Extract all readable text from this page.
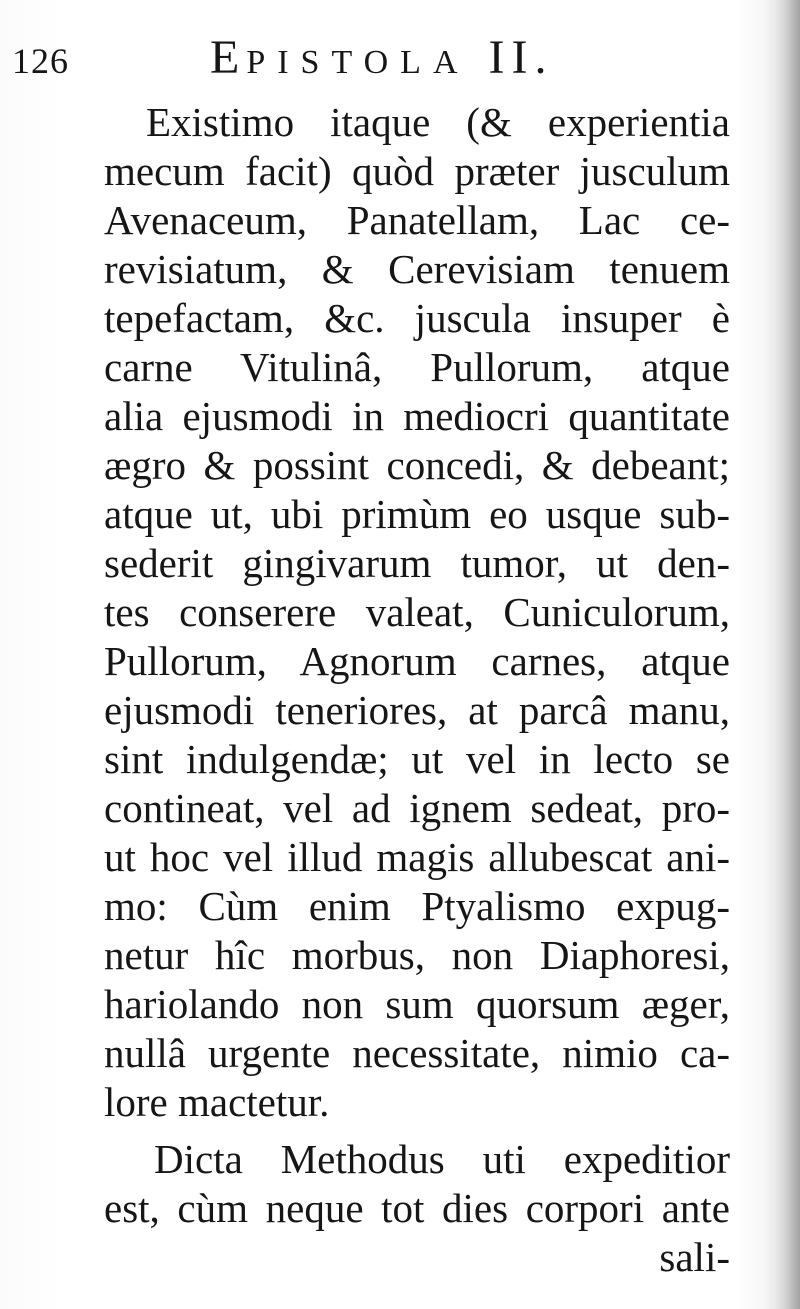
126	EPISTOLA II.
Existimo itaque (& experientia
mecum facit) quòd præter jusculum
Avenaceum, Panatellam, Lac ce-
revisiatum, & Cerevisiam tenuem
tepefactam, &c. juscula insuper è
carne Vitulinâ, Pullorum, atque
alia ejusmodi in mediocri quantitate
ægro & possint concedi, & debeant;
atque ut, ubi primùm eo usque sub-
sederit gingivarum tumor, ut den-
tes conserere valeat, Cuniculorum,
Pullorum, Agnorum carnes, atque
ejusmodi teneriores, at parcâ manu,
sint indulgendæ; ut vel in lecto se
contineat, vel ad ignem sedeat, pro-
ut hoc vel illud magis allubescat ani-
mo: Cùm enim Ptyalismo expug-
netur hîc morbus, non Diaphoresi,
hariolando non sum quorsum æger,
nullâ urgente necessitate, nimio ca-
lore mactetur.
Dicta Methodus uti expeditior
est, cùm neque tot dies corpori ante
sali-
